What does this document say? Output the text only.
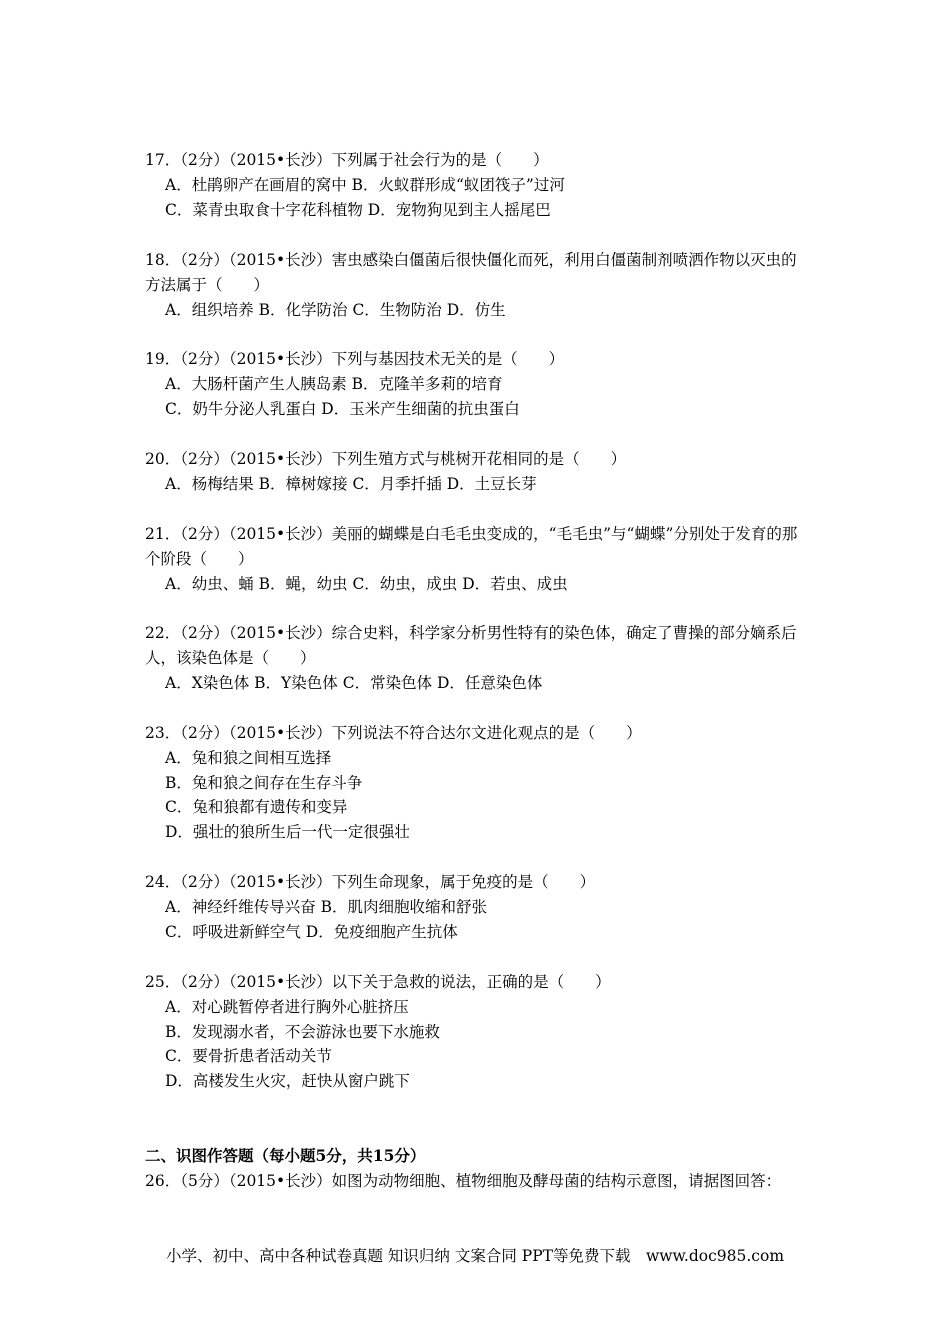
17．（2分）（2015•长沙）下列属于社会行为的是（　　）
A．杜鹃卵产在画眉的窝中 B．火蚁群形成“蚁团筏子”过河
C．菜青虫取食十字花科植物 D．宠物狗见到主人摇尾巴
18．（2分）（2015•长沙）害虫感染白僵菌后很快僵化而死，利用白僵菌制剂喷洒作物以灭虫的方法属于（　　）
A．组织培养 B．化学防治 C．生物防治 D．仿生
19．（2分）（2015•长沙）下列与基因技术无关的是（　　）
A．大肠杆菌产生人胰岛素 B．克隆羊多莉的培育
C．奶牛分泌人乳蛋白 D．玉米产生细菌的抗虫蛋白
20．（2分）（2015•长沙）下列生殖方式与桃树开花相同的是（　　）
A．杨梅结果 B．樟树嫁接 C．月季扦插 D．土豆长芽
21．（2分）（2015•长沙）美丽的蝴蝶是白毛毛虫变成的，“毛毛虫”与“蝴蝶”分别处于发育的那个阶段（　　）
A．幼虫、蛹 B．蝇，幼虫 C．幼虫，成虫 D．若虫、成虫
22．（2分）（2015•长沙）综合史料，科学家分析男性特有的染色体，确定了曹操的部分嫡系后人，该染色体是（　　）
A．X染色体 B．Y染色体 C．常染色体 D．任意染色体
23．（2分）（2015•长沙）下列说法不符合达尔文进化观点的是（　　）
A．兔和狼之间相互选择
B．兔和狼之间存在生存斗争
C．兔和狼都有遗传和变异
D．强壮的狼所生后一代一定很强壮
24．（2分）（2015•长沙）下列生命现象，属于免疫的是（　　）
A．神经纤维传导兴奋 B．肌肉细胞收缩和舒张
C．呼吸进新鲜空气 D．免疫细胞产生抗体
25．（2分）（2015•长沙）以下关于急救的说法，正确的是（　　）
A．对心跳暂停者进行胸外心脏挤压
B．发现溺水者，不会游泳也要下水施救
C．要骨折患者活动关节
D．高楼发生火灾，赶快从窗户跳下
二、识图作答题（每小题5分，共15分）
26．（5分）（2015•长沙）如图为动物细胞、植物细胞及酵母菌的结构示意图，请据图回答：
小学、初中、高中各种试卷真题 知识归纳 文案合同 PPT等免费下载　www.doc985.com
